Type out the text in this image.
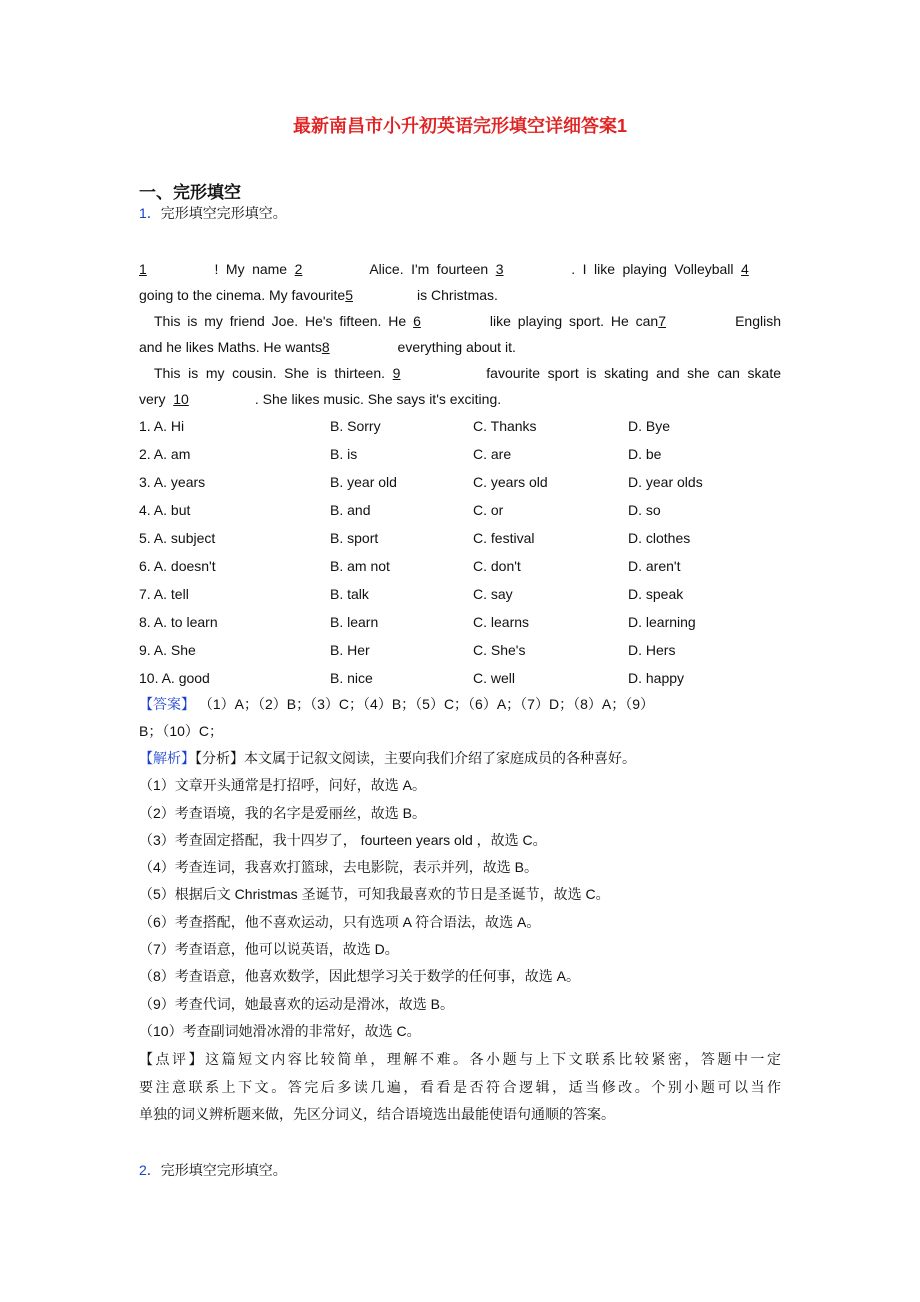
最新南昌市小升初英语完形填空详细答案1
一、完形填空
1．完形填空完形填空。
1	! My name 2	Alice. I'm fourteen 3	. I like playing Volleyball 4
going to the cinema. My favourite5	is Christmas.
This is my friend Joe. He's fifteen. He 6	like playing sport. He can7	English
and he likes Maths. He wants8	everything about it.
This is my cousin. She is thirteen. 9	favourite sport is skating and she can skate
very 10	. She likes music. She says it's exciting.
1. A. Hi	B. Sorry	C. Thanks	D. Bye
2. A. am	B. is	C. are	D. be
3. A. years	B. year old	C. years old	D. year olds
4. A. but	B. and	C. or	D. so
5. A. subject	B. sport	C. festival	D. clothes
6. A. doesn't	B. am not	C. don't	D. aren't
7. A. tell	B. talk	C. say	D. speak
8. A. to learn	B. learn	C. learns	D. learning
9. A. She	B. Her	C. She's	D. Hers
10. A. good	B. nice	C. well	D. happy
【答案】 （1）A；（2）B；（3）C；（4）B；（5）C；（6）A；（7）D；（8）A；（9）
B；（10）C；
【解析】【分析】本文属于记叙文阅读，主要向我们介绍了家庭成员的各种喜好。
（1）文章开头通常是打招呼，问好，故选 A。
（2）考查语境，我的名字是爱丽丝，故选 B。
（3）考查固定搭配，我十四岁了， fourteen years old ，故选 C。
（4）考查连词，我喜欢打篮球，去电影院，表示并列，故选 B。
（5）根据后文 Christmas 圣诞节，可知我最喜欢的节日是圣诞节，故选 C。
（6）考查搭配，他不喜欢运动，只有选项 A 符合语法，故选 A。
（7）考查语意，他可以说英语，故选 D。
（8）考查语意，他喜欢数学，因此想学习关于数学的任何事，故选 A。
（9）考查代词，她最喜欢的运动是滑冰，故选 B。
（10）考查副词她滑冰滑的非常好，故选 C。
【点评】这篇短文内容比较简单，理解不难。各小题与上下文联系比较紧密，答题中一定
要注意联系上下文。答完后多读几遍，看看是否符合逻辑，适当修改。个别小题可以当作
单独的词义辨析题来做，先区分词义，结合语境选出最能使语句通顺的答案。
2．完形填空完形填空。
